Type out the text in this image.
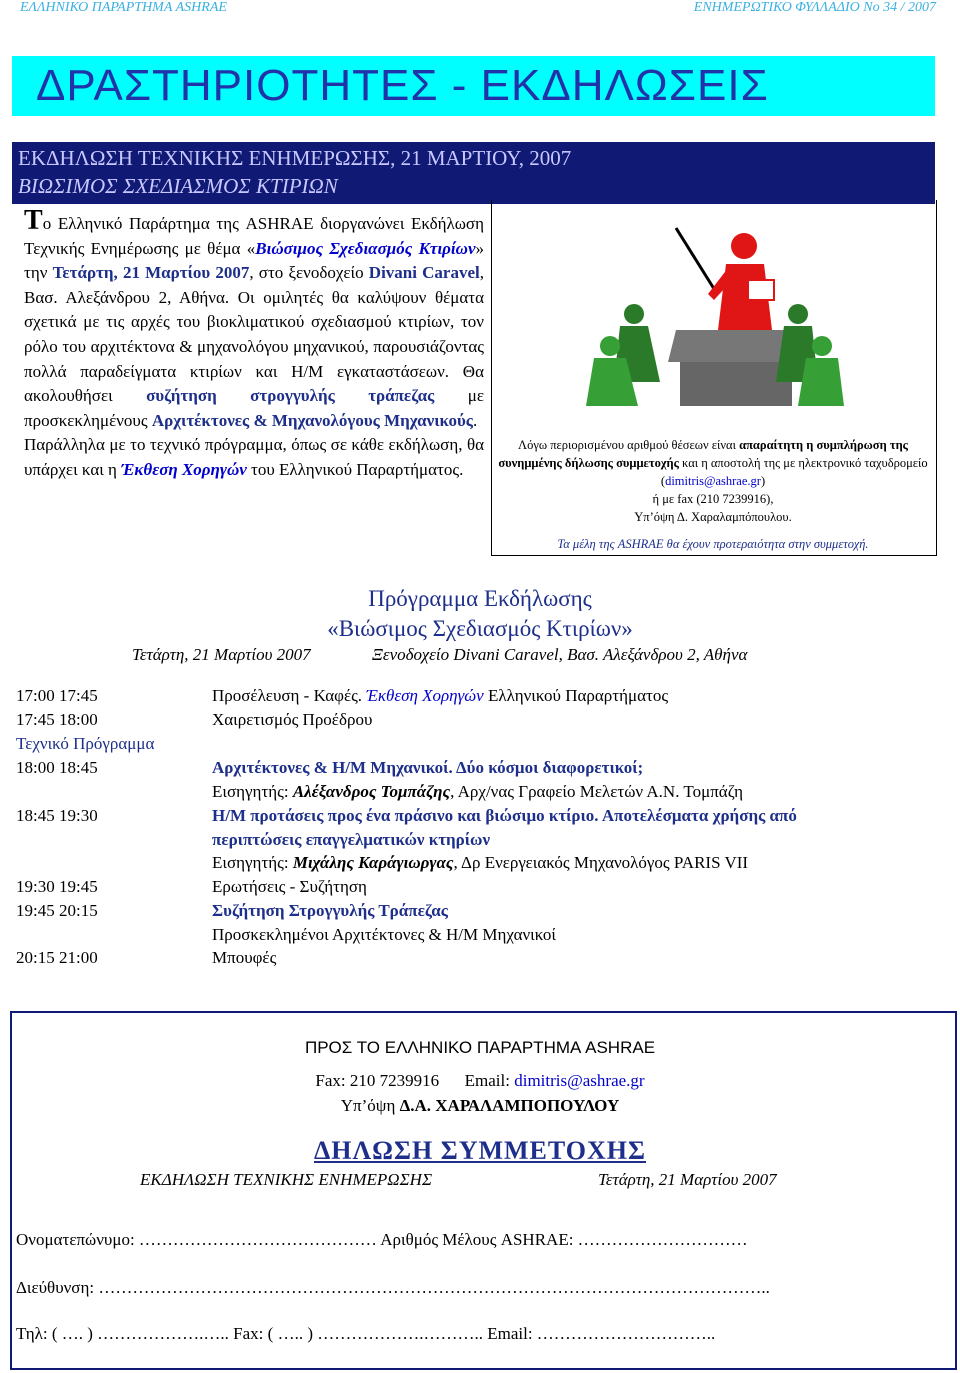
ΕΛΛΗΝΙΚΟ ΠΑΡΑΡΤΗΜΑ ASHRAE	ΕΝΗΜΕΡΩΤΙΚΟ ΦΥΛΛΑΔΙΟ No 34 / 2007
ΔΡΑΣΤΗΡΙΟΤΗΤΕΣ - ΕΚΔΗΛΩΣΕΙΣ
ΕΚΔΗΛΩΣΗ ΤΕΧΝΙΚΗΣ ΕΝΗΜΕΡΩΣΗΣ, 21 ΜΑΡΤΙΟΥ, 2007
ΒΙΩΣΙΜΟΣ ΣΧΕΔΙΑΣΜΟΣ ΚΤΙΡΙΩΝ
Το Ελληνικό Παράρτημα της ASHRAE διοργανώνει Εκδήλωση Τεχνικής Ενημέρωσης με θέμα «Βιώσιμος Σχεδιασμός Κτιρίων» την Τετάρτη, 21 Μαρτίου 2007, στο ξενοδοχείο Divani Caravel, Βασ. Αλεξάνδρου 2, Αθήνα. Οι ομιλητές θα καλύψουν θέματα σχετικά με τις αρχές του βιοκλιματικού σχεδιασμού κτιρίων, τον ρόλο του αρχιτέκτονα & μηχανολόγου μηχανικού, παρουσιάζοντας πολλά παραδείγματα κτιρίων και Η/Μ εγκαταστάσεων. Θα ακολουθήσει συζήτηση στρογγυλής τράπεζας με προσκεκλημένους Αρχιτέκτονες & Μηχανολόγους Μηχανικούς.
Παράλληλα με το τεχνικό πρόγραμμα, όπως σε κάθε εκδήλωση, θα υπάρχει και η Έκθεση Χορηγών του Ελληνικού Παραρτήματος.
Λόγω περιορισμένου αριθμού θέσεων είναι απαραίτητη η συμπλήρωση της συνημμένης δήλωσης συμμετοχής και η αποστολή της με ηλεκτρονικό ταχυδρομείο (dimitris@ashrae.gr)
ή με fax (210 7239916),
Υπ’όψη Δ. Χαραλαμπόπουλου.
Τα μέλη της ASHRAE θα έχουν προτεραιότητα στην συμμετοχή.
Πρόγραμμα Εκδήλωσης
«Βιώσιμος Σχεδιασμός Κτιρίων»
Τετάρτη, 21 Μαρτίου 2007	Ξενοδοχείο Divani Caravel, Βασ. Αλεξάνδρου 2, Αθήνα
17:00 17:45	Προσέλευση - Καφές. Έκθεση Χορηγών Ελληνικού Παραρτήματος
17:45 18:00	Χαιρετισμός Προέδρου
Τεχνικό Πρόγραμμα
18:00 18:45	Αρχιτέκτονες & Η/Μ Μηχανικοί. Δύο κόσμοι διαφορετικοί;
Εισηγητής: Αλέξανδρος Τομπάζης, Αρχ/νας Γραφείο Μελετών Α.Ν. Τομπάζη
18:45 19:30	Η/Μ προτάσεις προς ένα πράσινο και βιώσιμο κτίριο. Αποτελέσματα χρήσης από
περιπτώσεις επαγγελματικών κτηρίων
Εισηγητής: Μιχάλης Καράγιωργας, Δρ Ενεργειακός Μηχανολόγος PARIS VII
19:30 19:45	Ερωτήσεις - Συζήτηση
19:45 20:15	Συζήτηση Στρογγυλής Τράπεζας
Προσκεκλημένοι Αρχιτέκτονες & Η/Μ Μηχανικοί
20:15 21:00	Μπουφές
ΠΡΟΣ ΤΟ ΕΛΛΗΝΙΚΟ ΠΑΡΑΡΤΗΜΑ ASHRAE
Fax: 210 7239916 Email: dimitris@ashrae.gr
Υπ’όψη Δ.Α. ΧΑΡΑΛΑΜΠΟΠΟΥΛΟΥ
ΔΗΛΩΣΗ ΣΥΜΜΕΤΟΧΗΣ
ΕΚΔΗΛΩΣΗ ΤΕΧΝΙΚΗΣ ΕΝΗΜΕΡΩΣΗΣ	Τετάρτη, 21 Μαρτίου 2007
Ονοματεπώνυμο: …………………………………… Αριθμός Μέλους ASHRAE: …………………………
Διεύθυνση: ………………………………………………………………………………………………………..
Τηλ: ( …. ) ……………….….. Fax: ( ….. ) ……………….……….. Email: …………………………..
